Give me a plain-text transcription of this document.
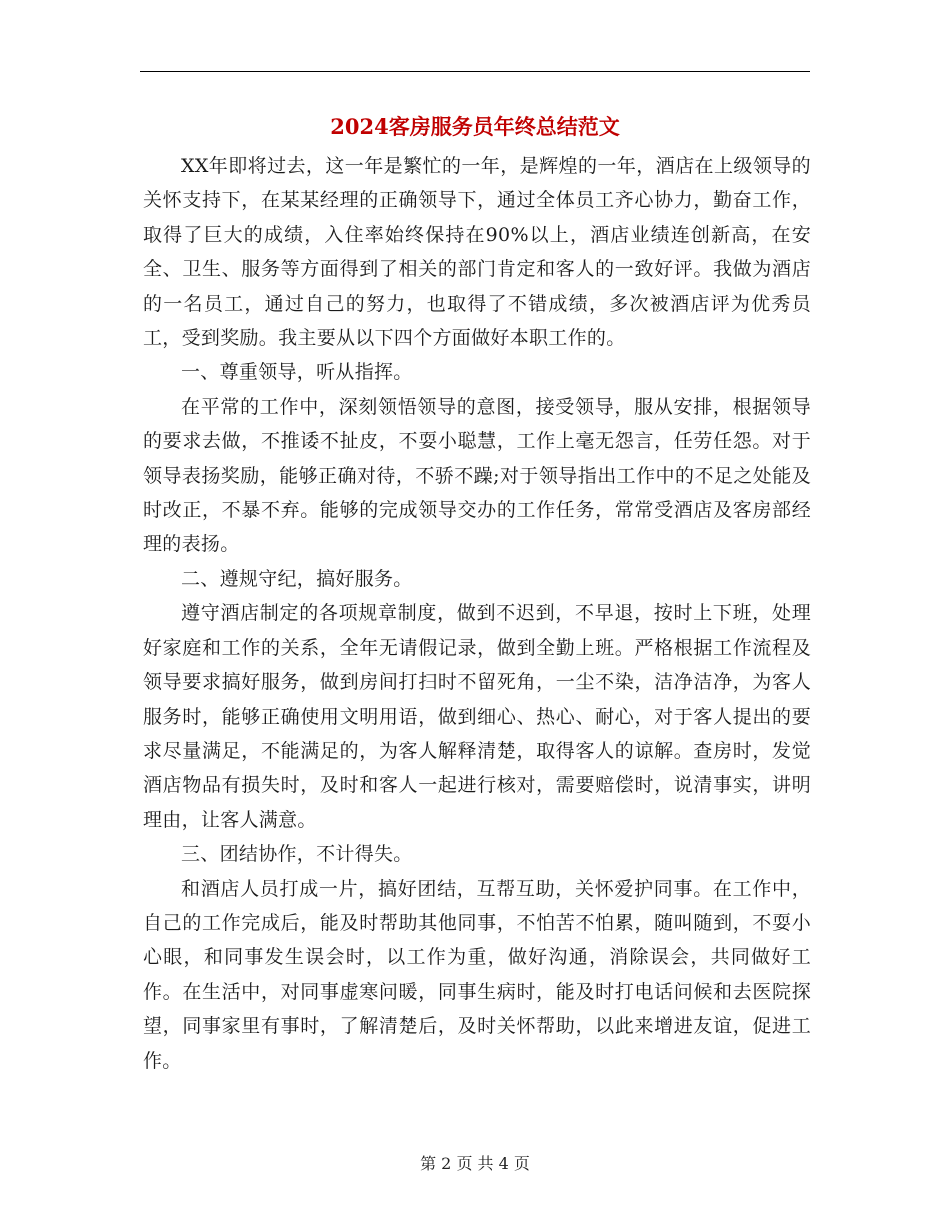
2024客房服务员年终总结范文

XX年即将过去，这一年是繁忙的一年，是辉煌的一年，酒店在上级领导的关怀支持下，在某某经理的正确领导下，通过全体员工齐心协力，勤奋工作，取得了巨大的成绩，入住率始终保持在90%以上，酒店业绩连创新高，在安全、卫生、服务等方面得到了相关的部门肯定和客人的一致好评。我做为酒店的一名员工，通过自己的努力，也取得了不错成绩，多次被酒店评为优秀员工，受到奖励。我主要从以下四个方面做好本职工作的。

一、尊重领导，听从指挥。

在平常的工作中，深刻领悟领导的意图，接受领导，服从安排，根据领导的要求去做，不推诿不扯皮，不耍小聪慧，工作上毫无怨言，任劳任怨。对于领导表扬奖励，能够正确对待，不骄不躁;对于领导指出工作中的不足之处能及时改正，不暴不弃。能够的完成领导交办的工作任务，常常受酒店及客房部经理的表扬。

二、遵规守纪，搞好服务。

遵守酒店制定的各项规章制度，做到不迟到，不早退，按时上下班，处理好家庭和工作的关系，全年无请假记录，做到全勤上班。严格根据工作流程及领导要求搞好服务，做到房间打扫时不留死角，一尘不染，洁净洁净，为客人服务时，能够正确使用文明用语，做到细心、热心、耐心，对于客人提出的要求尽量满足，不能满足的，为客人解释清楚，取得客人的谅解。查房时，发觉酒店物品有损失时，及时和客人一起进行核对，需要赔偿时，说清事实，讲明理由，让客人满意。

三、团结协作，不计得失。

和酒店人员打成一片，搞好团结，互帮互助，关怀爱护同事。在工作中，自己的工作完成后，能及时帮助其他同事，不怕苦不怕累，随叫随到，不耍小心眼，和同事发生误会时，以工作为重，做好沟通，消除误会，共同做好工作。在生活中，对同事虚寒问暖，同事生病时，能及时打电话问候和去医院探望，同事家里有事时，了解清楚后，及时关怀帮助，以此来增进友谊，促进工作。

第 2 页 共 4 页
